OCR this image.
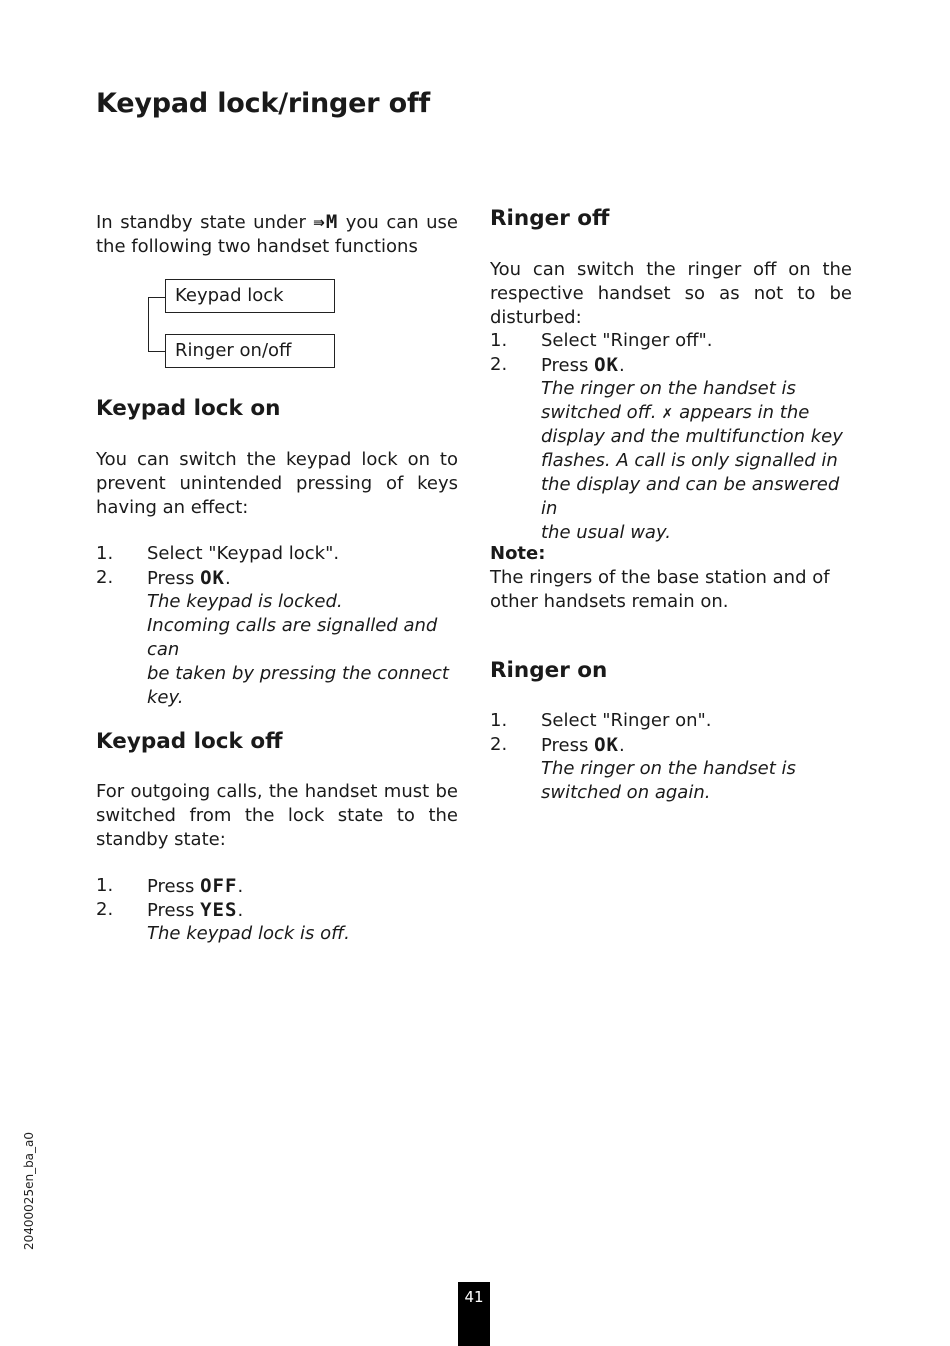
Keypad lock/ringer off

In standby state under ⇛M you can use the following two handset functions

Keypad lock
Ringer on/off
Keypad lock on

You can switch the keypad lock on to prevent unintended pressing of keys having an effect:

1. Select "Keypad lock".
2. Press OK.
The keypad is locked.
Incoming calls are signalled and can
be taken by pressing the connect
key.
Keypad lock off

For outgoing calls, the handset must be switched from the lock state to the standby state:

1. Press OFF.
2. Press YES.
The keypad lock is off.
Ringer off

You can switch the ringer off on the respective handset so as not to be disturbed:

1. Select "Ringer off".
2. Press OK.
The ringer on the handset is
switched off. ✗ appears in the
display and the multifunction key
flashes. A call is only signalled in
the display and can be answered in
the usual way.
Note:
The ringers of the base station and of other handsets remain on.
Ringer on
1. Select "Ringer on".
2. Press OK.
The ringer on the handset is
switched on again.
20400025en_ba_a0
41
